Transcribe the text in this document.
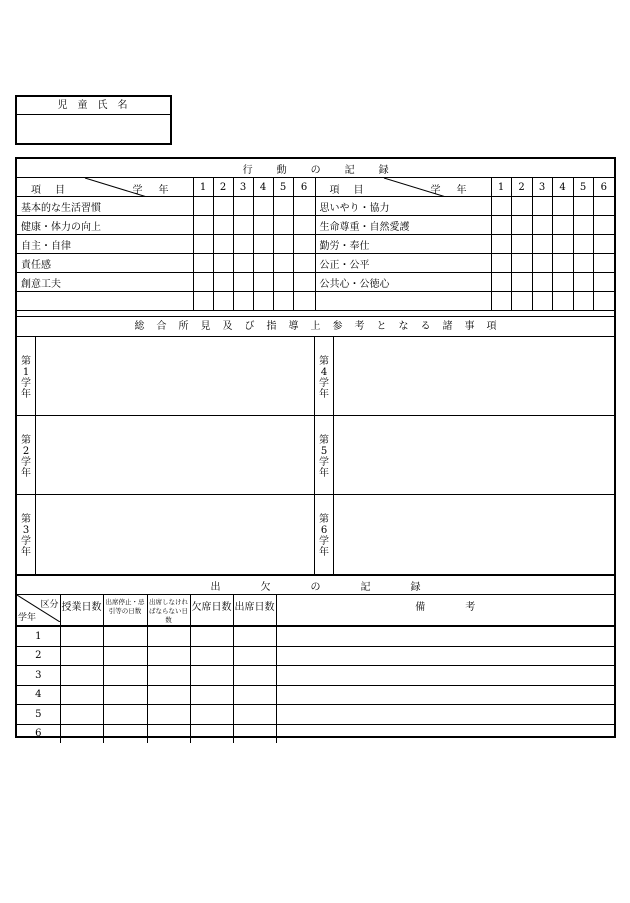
児童氏名
行動の記録													

項目 学年	1	2	3	4	5	6	項目 学年	1	2	3	4	5	6
基本的な生活習慣							思いやり・協力						
健康・体力の向上							生命尊重・自然愛護						
自主・自律							勤労・奉仕						
責任感							公正・公平						
創意工夫							公共心・公徳心						

総合所見及び指導上参考となる諸事項
第1学年
第2学年
第3学年
第4学年
第5学年
第6学年
出欠の記録						

区分
学年	授業日数	出席停止・忌引等の日数	出席しなければならない日数	欠席日数	出席日数	備考
1						
2						
3						
4						
5						
6						
